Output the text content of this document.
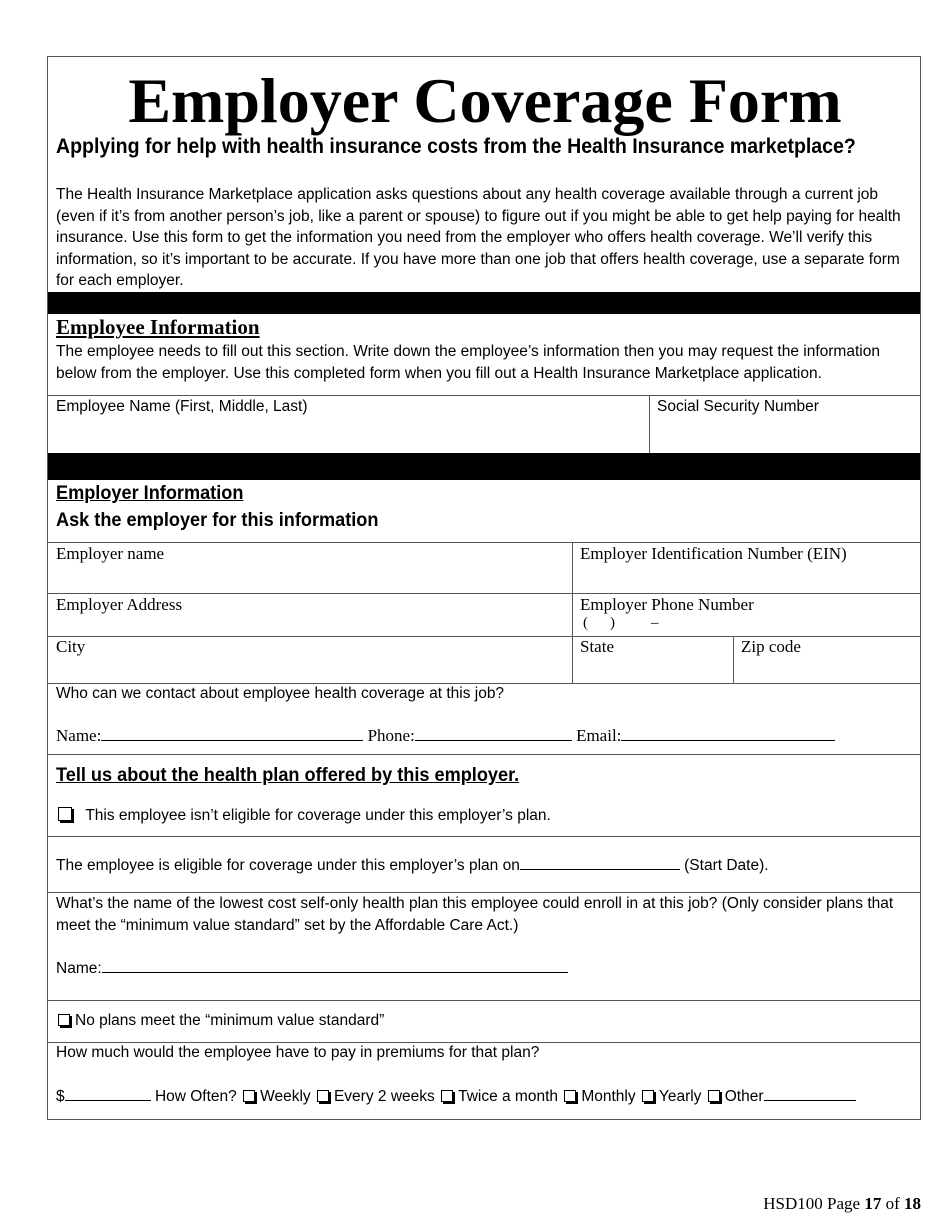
Employer Coverage Form
Applying for help with health insurance costs from the Health Insurance marketplace?
The Health Insurance Marketplace application asks questions about any health coverage available through a current job (even if it’s from another person’s job, like a parent or spouse) to figure out if you might be able to get help paying for health insurance. Use this form to get the information you need from the employer who offers health coverage. We’ll verify this information, so it’s important to be accurate. If you have more than one job that offers health coverage, use a separate form for each employer.
Employee Information
The employee needs to fill out this section. Write down the employee’s information then you may request the information below from the employer. Use this completed form when you fill out a Health Insurance Marketplace application.
Employee Name (First, Middle, Last)	Social Security Number
Employer Information
Ask the employer for this information
Employer name	Employer Identification Number (EIN)
Employer Address	Employer Phone Number
( ) –
City	State	Zip code
Who can we contact about employee health coverage at this job?
Name:	Phone:	Email:
Tell us about the health plan offered by this employer.
This employee isn’t eligible for coverage under this employer’s plan.
The employee is eligible for coverage under this employer’s plan on	(Start Date).
What’s the name of the lowest cost self-only health plan this employee could enroll in at this job? (Only consider plans that meet the “minimum value standard” set by the Affordable Care Act.)
Name:
No plans meet the “minimum value standard”
How much would the employee have to pay in premiums for that plan?
$	How Often? Weekly Every 2 weeks Twice a month Monthly Yearly Other
HSD100 Page 17 of 18
